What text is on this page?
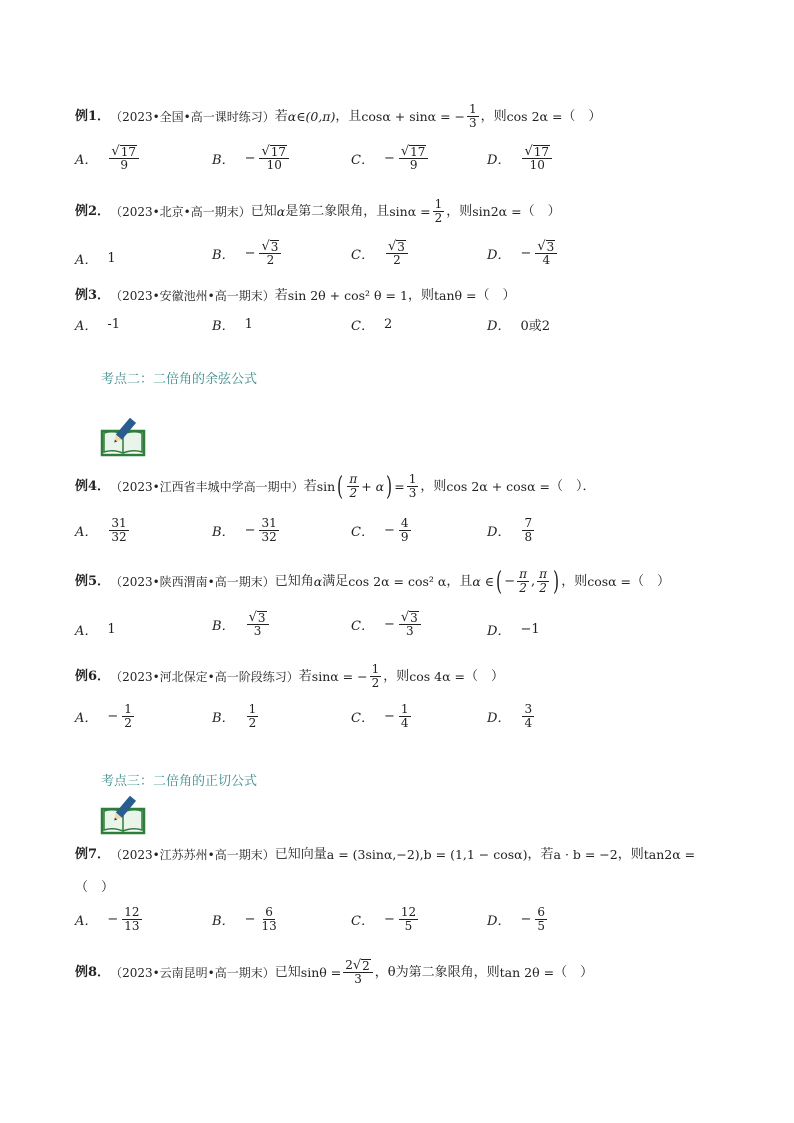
例1 ． （2023•全国•高一课时练习） 若 α∈(0,π) ，且 cosα + sinα = − $\frac{1}{3}$ ，则 cos 2α = （　）
A． $\frac{√ 17}{9}$	B． − $\frac{√ 17}{10}$	C． − $\frac{√ 17}{9}$	D． $\frac{√ 17}{10}$
例2 ． （2023•北京•高一期末） 已知 α 是第二象限角，且 $\sin\alpha = \frac{1}{2}$ ，则 sin2α = （　）
A． 1	B． − $\frac{√ 3}{2}$	C． $\frac{√ 3}{2}$	D． − $\frac{√ 3}{4}$
例3 ． （2023•安徽池州•高一期末） 若 sin 2θ + cos² θ = 1 ，则 tanθ = （　）
A． -1	B． 1	C． 2	D． 0或2
考点二：二倍角的余弦公式
例4 ． （2023•江西省丰城中学高一期中） 若 sin ( $\frac{\pi}{2} + \alpha$ ) = $\frac{1}{3}$ ，则 cos 2α + cosα = （　）．
A． $\frac{31}{32}$	B． − $\frac{31}{32}$	C． − $\frac{4}{9}$	D． $\frac{7}{8}$
例5 ． （2023•陕西渭南•高一期末） 已知角 α 满足 cos 2α = cos² α ，且 α ∈ ( − $\frac{\pi}{2}$ , $\frac{\pi}{2}$ ) ，则 cosα = （　）
A． 1	B． $\frac{√ 3}{3}$	C． − $\frac{√ 3}{3}$	D． −1
例6 ． （2023•河北保定•高一阶段练习） 若 sinα = − $\frac{1}{2}$ ，则 cos 4α = （　）
A． − $\frac{1}{2}$	B． $\frac{1}{2}$	C． − $\frac{1}{4}$	D． $\frac{3}{4}$
考点三：二倍角的正切公式
例7 ． （2023•江苏苏州•高一期末） 已知向量 a = (3sinα,−2), b = (1,1 − cosα) ，若 a · b = −2 ，则 tan2α =
（　）
A． − $\frac{12}{13}$	B． − $\frac{6}{13}$	C． − $\frac{12}{5}$	D． − $\frac{6}{5}$
例8 ． （2023•云南昆明•高一期末） 已知 $\sin\theta = \frac{2 √ 2}{3}$ ，θ为第二象限角，则 tan 2θ = （　）
